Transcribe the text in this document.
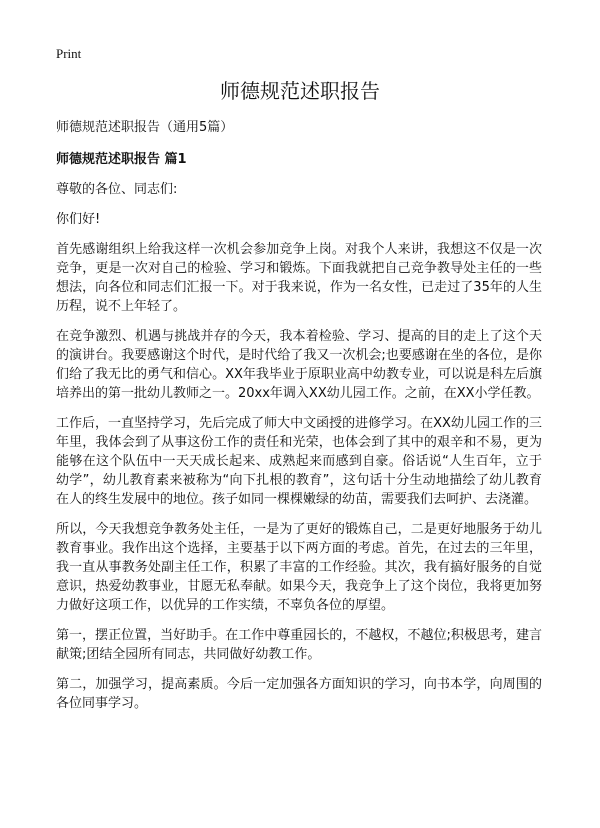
Print
师德规范述职报告

师德规范述职报告（通用5篇）

师德规范述职报告 篇1

尊敬的各位、同志们:

你们好!

首先感谢组织上给我这样一次机会参加竞争上岗。对我个人来讲，我想这不仅是一次竞争，更是一次对自己的检验、学习和锻炼。下面我就把自己竞争教导处主任的一些想法，向各位和同志们汇报一下。对于我来说，作为一名女性，已走过了35年的人生历程，说不上年轻了。

在竞争激烈、机遇与挑战并存的今天，我本着检验、学习、提高的目的走上了这个天的演讲台。我要感谢这个时代，是时代给了我又一次机会;也要感谢在坐的各位，是你们给了我无比的勇气和信心。XX年我毕业于原职业高中幼教专业，可以说是科左后旗培养出的第一批幼儿教师之一。20xx年调入XX幼儿园工作。之前，在XX小学任教。

工作后，一直坚持学习，先后完成了师大中文函授的进修学习。在XX幼儿园工作的三年里，我体会到了从事这份工作的责任和光荣，也体会到了其中的艰辛和不易，更为能够在这个队伍中一天天成长起来、成熟起来而感到自豪。俗话说“人生百年，立于幼学”，幼儿教育素来被称为“向下扎根的教育”，这句话十分生动地描绘了幼儿教育在人的终生发展中的地位。孩子如同一棵棵嫩绿的幼苗，需要我们去呵护、去浇灌。

所以，今天我想竞争教务处主任，一是为了更好的锻炼自己，二是更好地服务于幼儿教育事业。我作出这个选择，主要基于以下两方面的考虑。首先，在过去的三年里，我一直从事教务处副主任工作，积累了丰富的工作经验。其次，我有搞好服务的自觉意识，热爱幼教事业，甘愿无私奉献。如果今天，我竞争上了这个岗位，我将更加努力做好这项工作，以优异的工作实绩，不辜负各位的厚望。

第一，摆正位置，当好助手。在工作中尊重园长的，不越权，不越位;积极思考，建言献策;团结全园所有同志，共同做好幼教工作。

第二，加强学习，提高素质。今后一定加强各方面知识的学习，向书本学，向周围的各位同事学习。
